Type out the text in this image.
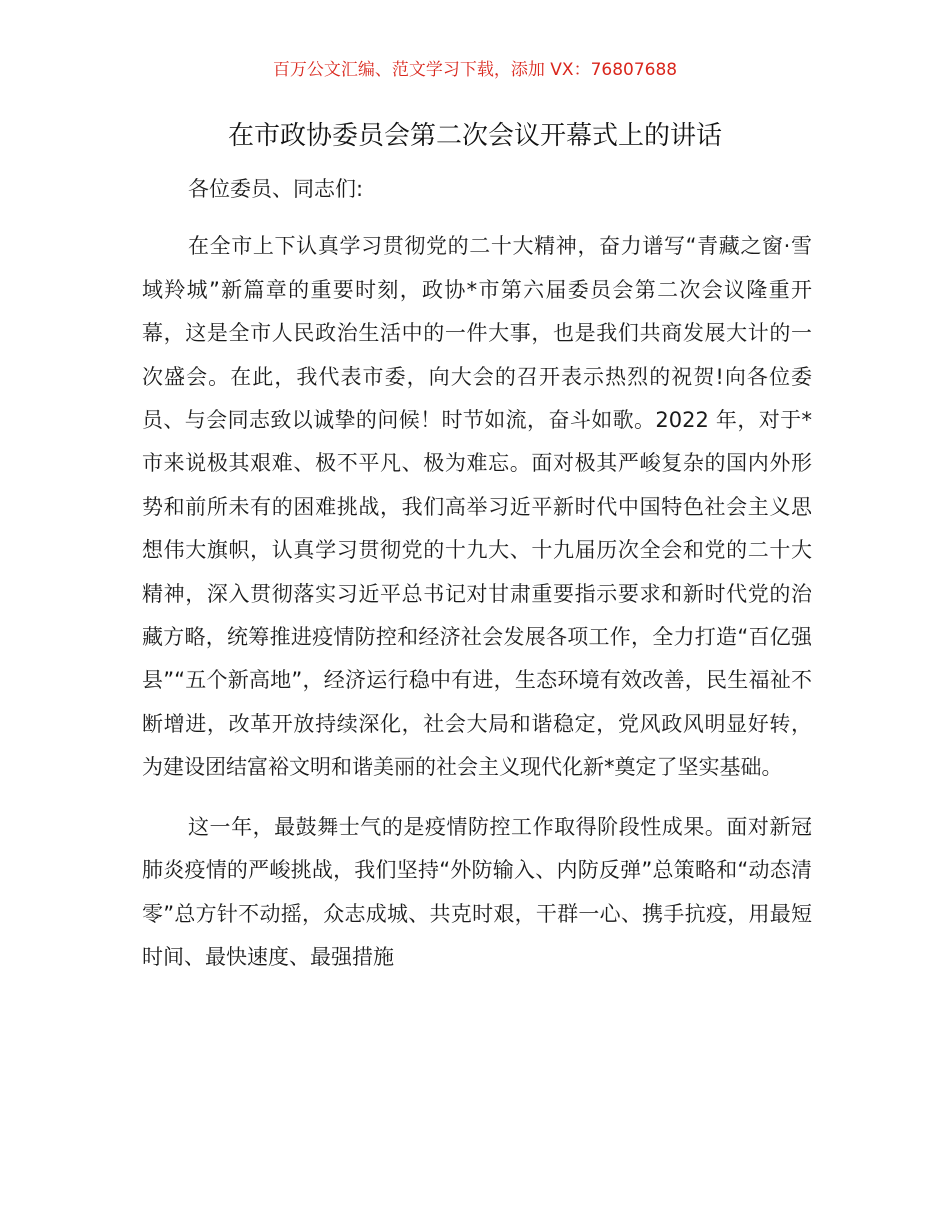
百万公文汇编、范文学习下载，添加 VX：76807688
在市政协委员会第二次会议开幕式上的讲话

各位委员、同志们:

在全市上下认真学习贯彻党的二十大精神，奋力谱写“青藏之窗·雪域羚城”新篇章的重要时刻，政协*市第六届委员会第二次会议隆重开幕，这是全市人民政治生活中的一件大事，也是我们共商发展大计的一次盛会。在此，我代表市委，向大会的召开表示热烈的祝贺!向各位委员、与会同志致以诚挚的问候！时节如流，奋斗如歌。2022 年，对于*市来说极其艰难、极不平凡、极为难忘。面对极其严峻复杂的国内外形势和前所未有的困难挑战，我们高举习近平新时代中国特色社会主义思想伟大旗帜，认真学习贯彻党的十九大、十九届历次全会和党的二十大精神，深入贯彻落实习近平总书记对甘肃重要指示要求和新时代党的治藏方略，统筹推进疫情防控和经济社会发展各项工作，全力打造“百亿强县”“五个新高地”，经济运行稳中有进，生态环境有效改善，民生福祉不断增进，改革开放持续深化，社会大局和谐稳定，党风政风明显好转，为建设团结富裕文明和谐美丽的社会主义现代化新*奠定了坚实基础。

这一年，最鼓舞士气的是疫情防控工作取得阶段性成果。面对新冠肺炎疫情的严峻挑战，我们坚持“外防输入、内防反弹”总策略和“动态清零”总方针不动摇，众志成城、共克时艰，干群一心、携手抗疫，用最短时间、最快速度、最强措施
